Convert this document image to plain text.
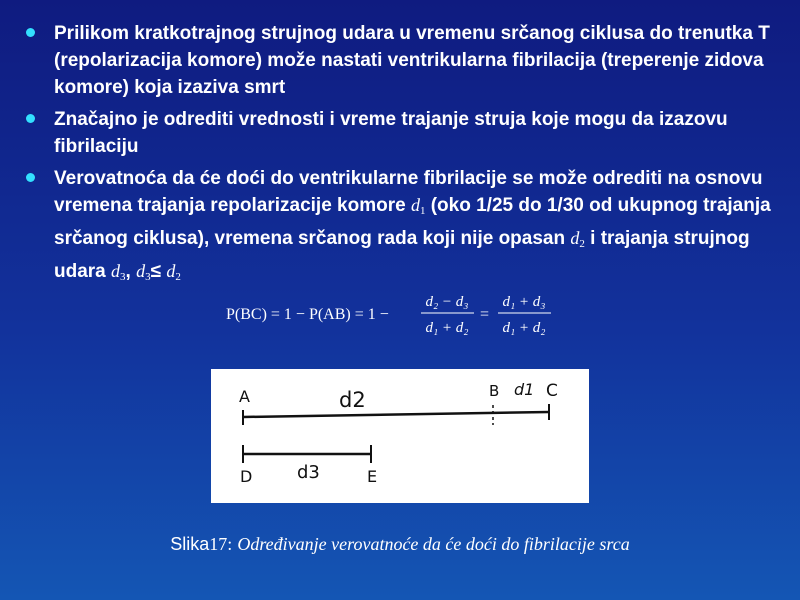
Prilikom kratkotrajnog strujnog udara u vremenu srčanog ciklusa do trenutka T (repolarizacija komore) može nastati ventrikularna fibrilacija (treperenje zidova komore) koja izaziva smrt
Značajno je odrediti vrednosti i vreme trajanje struja koje mogu da izazovu fibrilaciju
Verovatnoća da će doći do ventrikularne fibrilacije se može odrediti na osnovu vremena trajanja repolarizacije komore $d_1$ (oko 1/25 do 1/30 od ukupnog trajanja srčanog ciklusa), vremena srčanog rada koji nije opasan $d_2$ i trajanja strujnog udara $d_3$, $d_3\le d_2$
P(BC) = 1 − P(AB) = 1 −
d₂ − d₃
d₁ + d₂
=
d₁ + d₃
d₁ + d₂
A	d2	B d1 C
D d3	E
Slika17: Određivanje verovatnoće da će doći do fibrilacije srca
